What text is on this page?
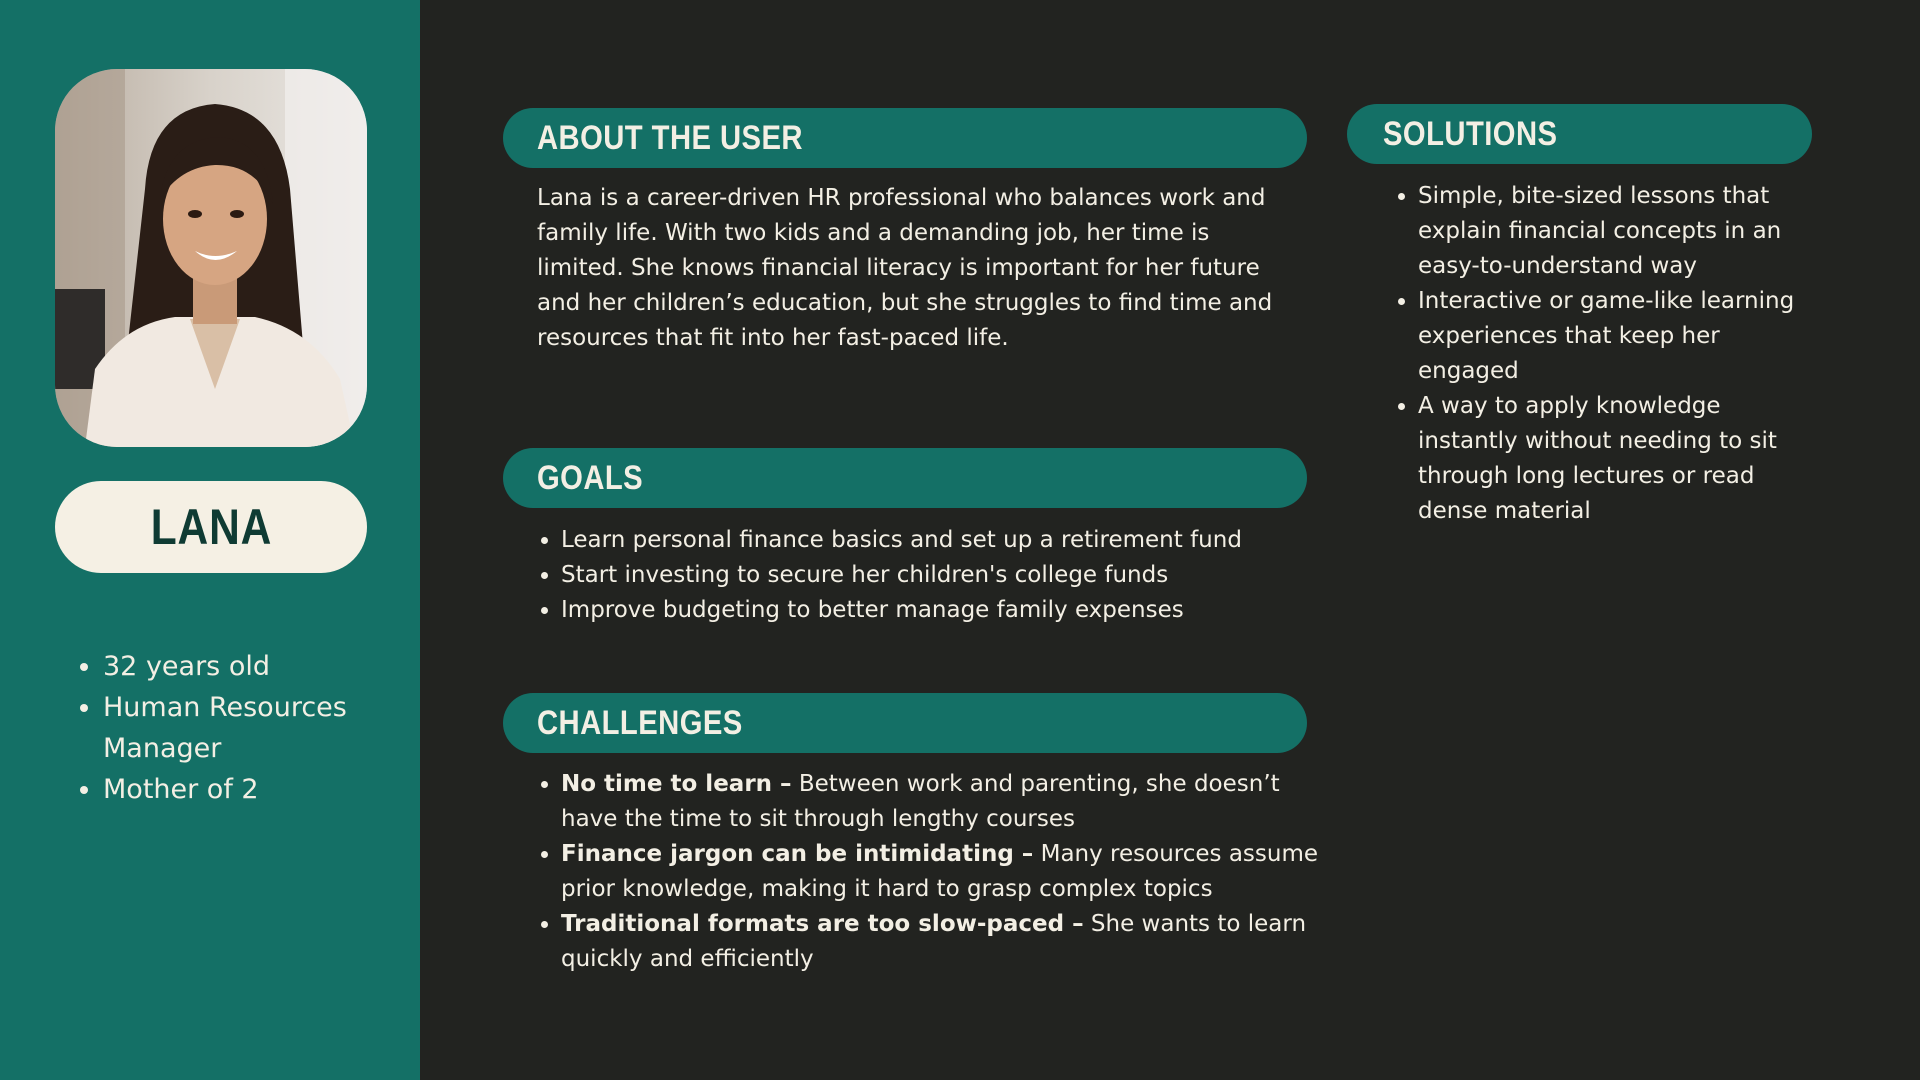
LANA
• 32 years old
• Human Resources Manager
• Mother of 2
ABOUT THE USER

Lana is a career-driven HR professional who balances work and family life. With two kids and a demanding job, her time is limited. She knows financial literacy is important for her future and her children’s education, but she struggles to find time and resources that fit into her fast-paced life.

GOALS
• Learn personal finance basics and set up a retirement fund
• Start investing to secure her children's college funds
• Improve budgeting to better manage family expenses
CHALLENGES
• No time to learn – Between work and parenting, she doesn’t have the time to sit through lengthy courses
• Finance jargon can be intimidating – Many resources assume prior knowledge, making it hard to grasp complex topics
• Traditional formats are too slow-paced – She wants to learn quickly and efficiently
SOLUTIONS
• Simple, bite-sized lessons that explain financial concepts in an easy-to-understand way
• Interactive or game-like learning experiences that keep her engaged
• A way to apply knowledge instantly without needing to sit through long lectures or read dense material
